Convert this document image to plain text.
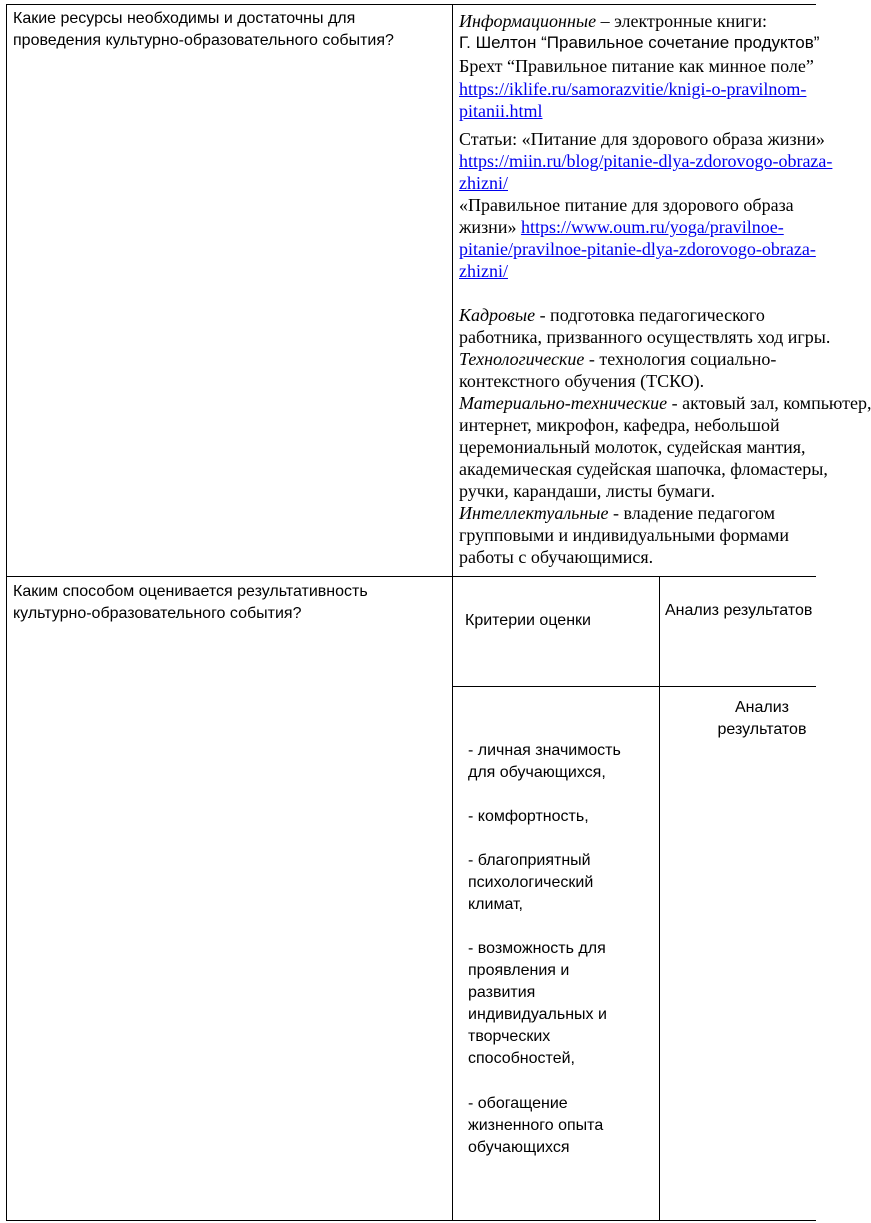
Какие ресурсы необходимы и достаточны для
проведения культурно-образовательного события?
Информационные – электронные книги:
Г. Шелтон “Правильное сочетание продуктов”
Брехт “Правильное питание как минное поле”
https://iklife.ru/samorazvitie/knigi-o-pravilnom-
pitanii.html
Статьи: «Питание для здорового образа жизни»
https://miin.ru/blog/pitanie-dlya-zdorovogo-obraza-
zhizni/
«Правильное питание для здорового образа
жизни» https://www.oum.ru/yoga/pravilnoe-
pitanie/pravilnoe-pitanie-dlya-zdorovogo-obraza-
zhizni/
Кадровые - подготовка педагогического
работника, призванного осуществлять ход игры.
Технологические - технология социально-
контекстного обучения (ТСКО).
Материально-технические - актовый зал, компьютер,
интернет, микрофон, кафедра, небольшой
церемониальный молоток, судейская мантия,
академическая судейская шапочка, фломастеры,
ручки, карандаши, листы бумаги.
Интеллектуальные - владение педагогом
групповыми и индивидуальными формами
работы с обучающимися.
Каким способом оценивается результативность
культурно-образовательного события?	Критерии оценки
Анализ результатов
Анализ
результатов
- личная значимость
для обучающихся,
- комфортность,
- благоприятный
психологический
климат,
- возможность для
проявления и
развития
индивидуальных и
творческих
способностей,
- обогащение
жизненного опыта
обучающихся
